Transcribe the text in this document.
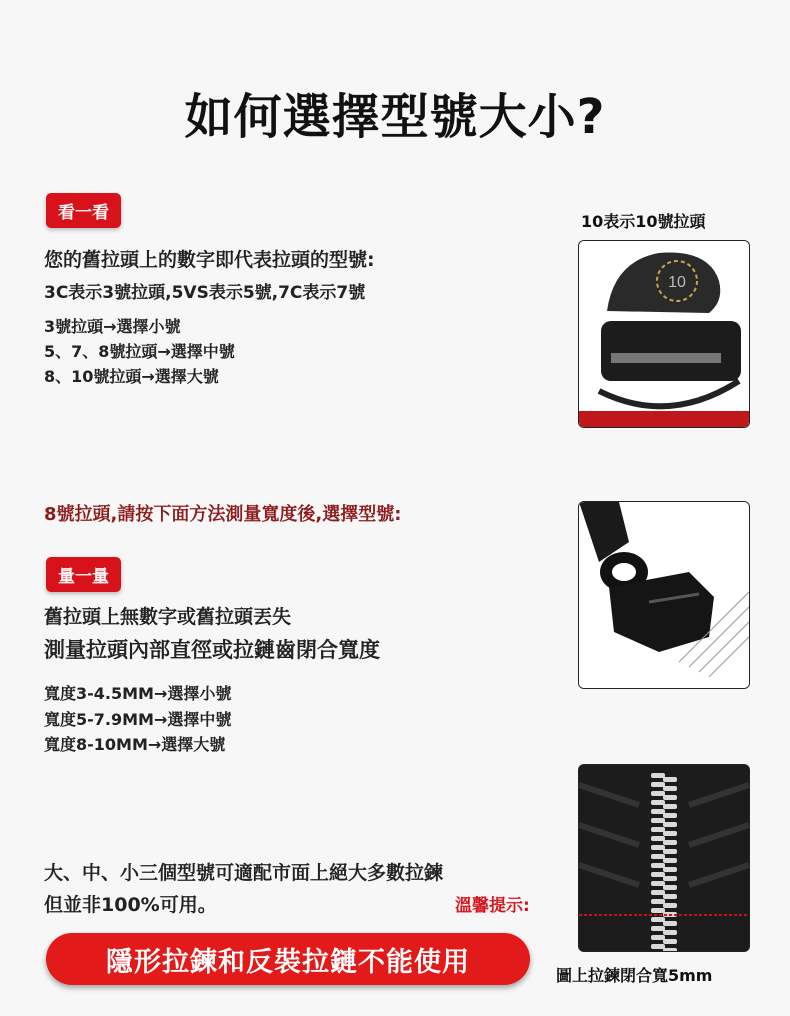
如何選擇型號大小?
看一看
您的舊拉頭上的數字即代表拉頭的型號:
3C表示3號拉頭,5VS表示5號,7C表示7號
3號拉頭→選擇小號
5、7、8號拉頭→選擇中號
8、10號拉頭→選擇大號
10表示10號拉頭
10
8號拉頭,請按下面方法測量寬度後,選擇型號:
量一量
舊拉頭上無數字或舊拉頭丟失
測量拉頭內部直徑或拉鏈齒閉合寬度
寬度3-4.5MM→選擇小號
寬度5-7.9MM→選擇中號
寬度8-10MM→選擇大號
大、中、小三個型號可適配市面上絕大多數拉鍊
但並非100%可用。	溫馨提示:
隱形拉鍊和反裝拉鏈不能使用	圖上拉鍊閉合寬5mm
